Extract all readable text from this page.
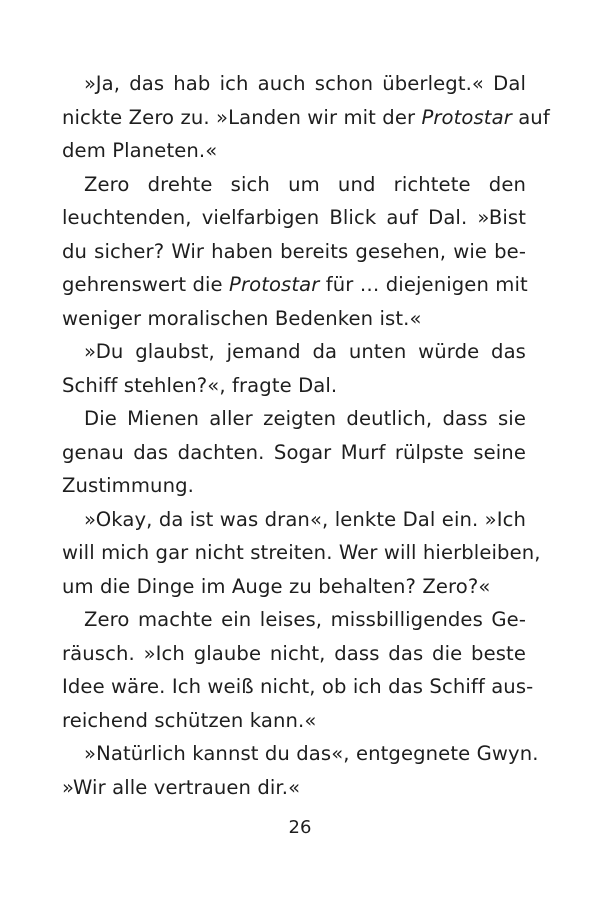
»Ja, das hab ich auch schon überlegt.« Dal
nickte Zero zu. »Landen wir mit der Protostar auf
dem Planeten.«

Zero drehte sich um und richtete den
leuchtenden, vielfarbigen Blick auf Dal. »Bist
du sicher? Wir haben bereits gesehen, wie be-
gehrenswert die Protostar für … diejenigen mit
weniger moralischen Bedenken ist.«

»Du glaubst, jemand da unten würde das
Schiff stehlen?«, fragte Dal.

Die Mienen aller zeigten deutlich, dass sie
genau das dachten. Sogar Murf rülpste seine
Zustimmung.

»Okay, da ist was dran«, lenkte Dal ein. »Ich
will mich gar nicht streiten. Wer will hierbleiben,
um die Dinge im Auge zu behalten? Zero?«

Zero machte ein leises, missbilligendes Ge-
räusch. »Ich glaube nicht, dass das die beste
Idee wäre. Ich weiß nicht, ob ich das Schiff aus-
reichend schützen kann.«

»Natürlich kannst du das«, entgegnete Gwyn.
»Wir alle vertrauen dir.«

26
